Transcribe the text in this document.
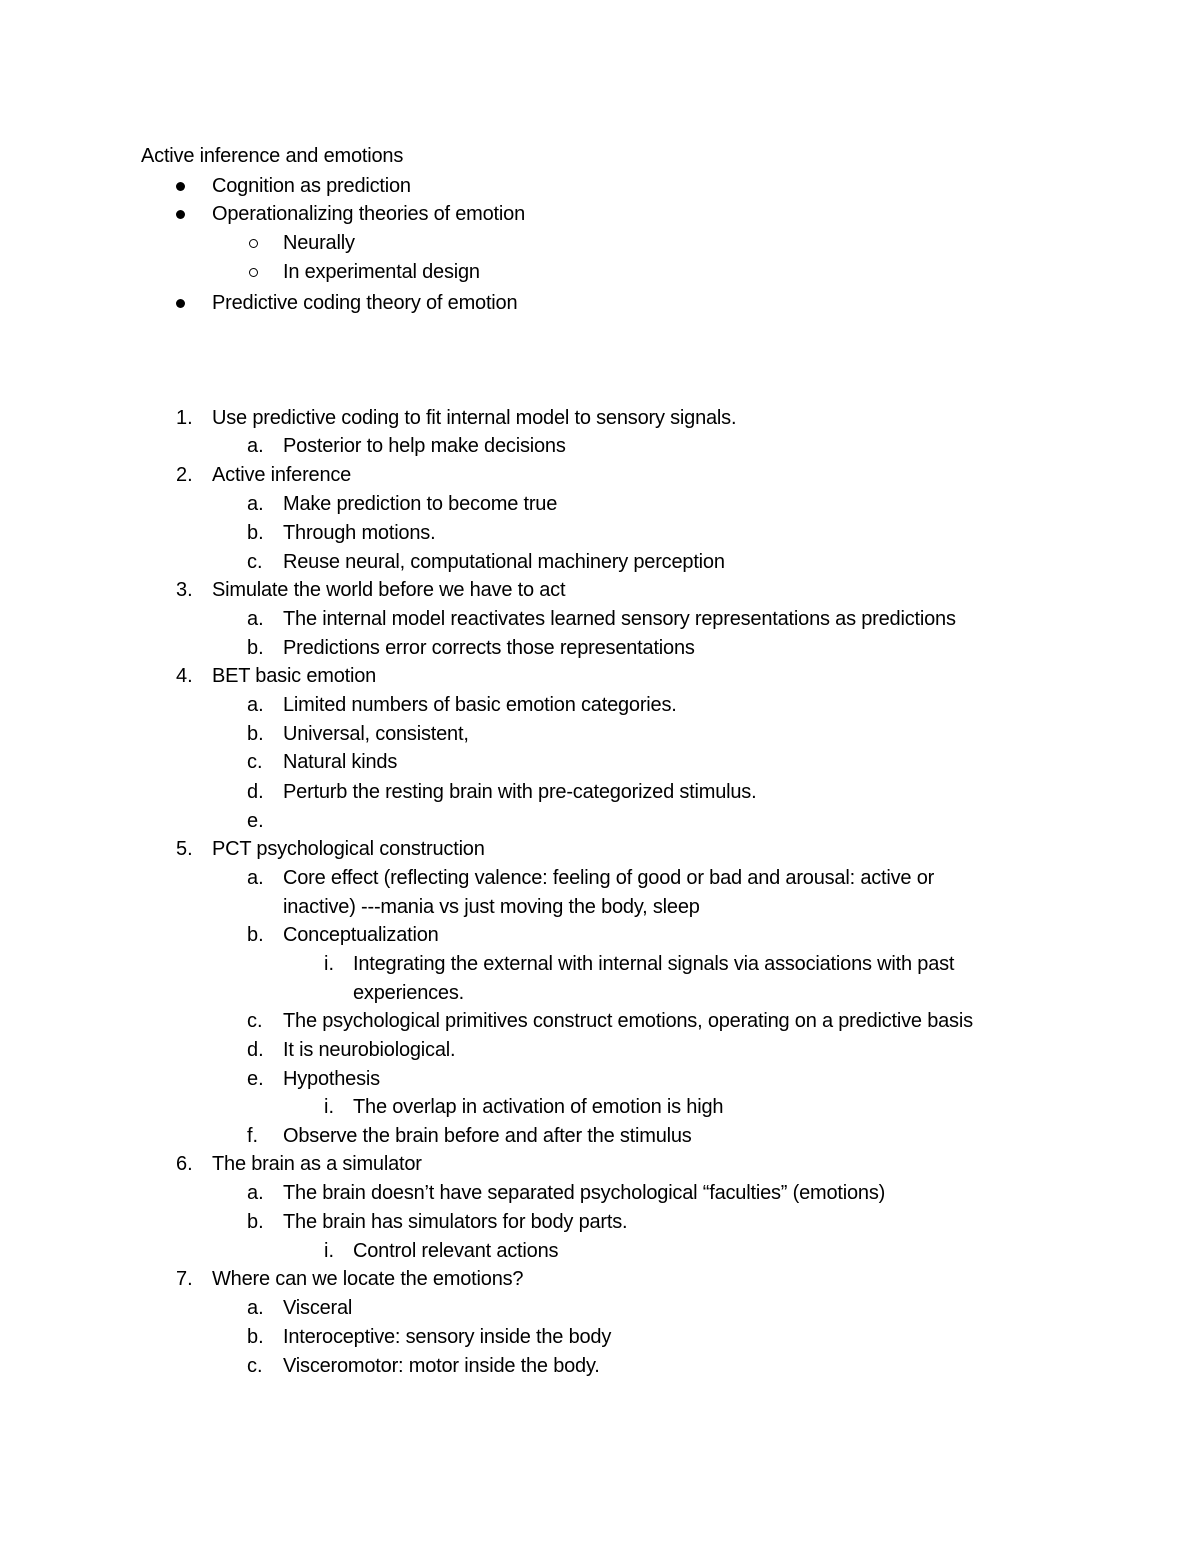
Active inference and emotions
Cognition as prediction
Operationalizing theories of emotion
Neurally
In experimental design
Predictive coding theory of emotion
1. Use predictive coding to fit internal model to sensory signals.
a. Posterior to help make decisions
2. Active inference
a. Make prediction to become true
b. Through motions.
c. Reuse neural, computational machinery perception
3. Simulate the world before we have to act
a. The internal model reactivates learned sensory representations as predictions
b. Predictions error corrects those representations
4. BET basic emotion
a. Limited numbers of basic emotion categories.
b. Universal, consistent,
c. Natural kinds
d. Perturb the resting brain with pre-categorized stimulus.
e.
5. PCT psychological construction
a. Core effect (reflecting valence: feeling of good or bad and arousal: active or
inactive) ---mania vs just moving the body, sleep
b. Conceptualization
i. Integrating the external with internal signals via associations with past
experiences.
c. The psychological primitives construct emotions, operating on a predictive basis
d. It is neurobiological.
e. Hypothesis
i. The overlap in activation of emotion is high
f. Observe the brain before and after the stimulus
6. The brain as a simulator
a. The brain doesn’t have separated psychological “faculties” (emotions)
b. The brain has simulators for body parts.
i. Control relevant actions
7. Where can we locate the emotions?
a. Visceral
b. Interoceptive: sensory inside the body
c. Visceromotor: motor inside the body.
